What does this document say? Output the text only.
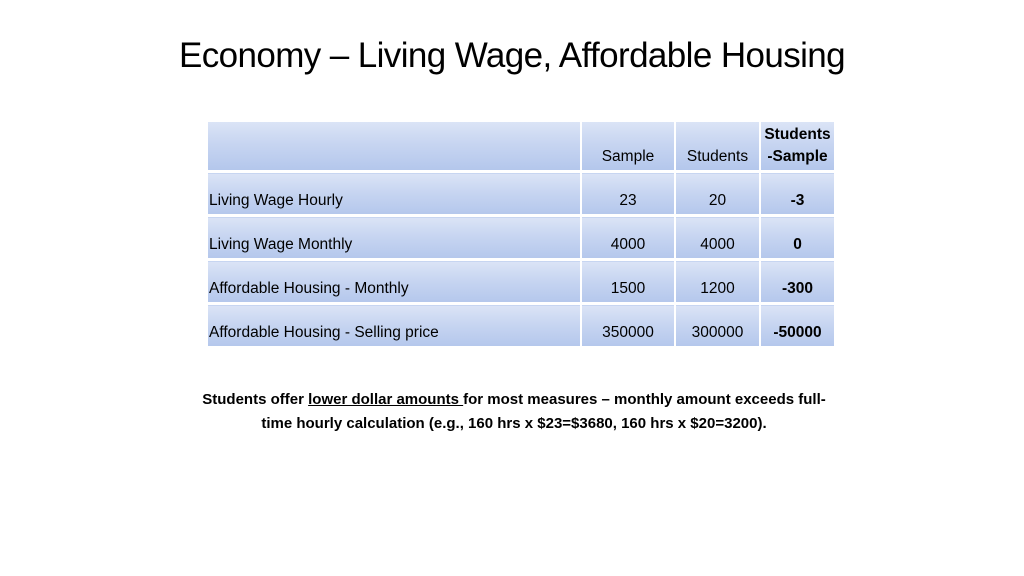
Economy – Living Wage, Affordable Housing
	Sample	Students	Students
-Sample
Living Wage Hourly	23	20	-3
Living Wage Monthly	4000	4000	0
Affordable Housing - Monthly	1500	1200	-300
Affordable Housing - Selling price	350000	300000	-50000
Students offer lower dollar amounts for most measures – monthly amount exceeds full-time hourly calculation (e.g., 160 hrs x $23=$3680, 160 hrs x $20=3200).
